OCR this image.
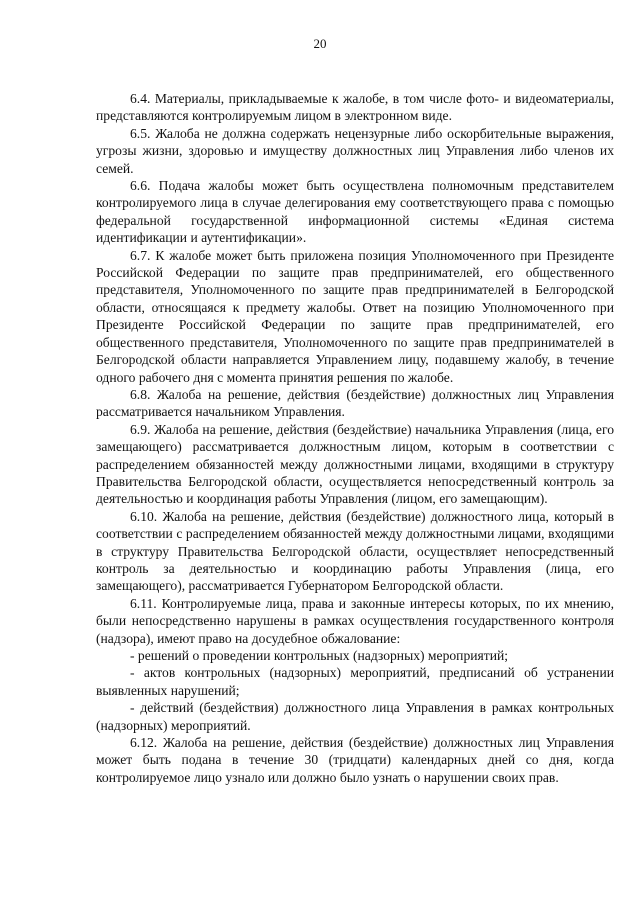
20

6.4. Материалы, прикладываемые к жалобе, в том числе фото- и видеоматериалы, представляются контролируемым лицом в электронном виде.

6.5. Жалоба не должна содержать нецензурные либо оскорбительные выражения, угрозы жизни, здоровью и имуществу должностных лиц Управления либо членов их семей.

6.6. Подача жалобы может быть осуществлена полномочным представителем контролируемого лица в случае делегирования ему соответствующего права с помощью федеральной государственной информационной системы «Единая система идентификации и аутентификации».

6.7. К жалобе может быть приложена позиция Уполномоченного при Президенте Российской Федерации по защите прав предпринимателей, его общественного представителя, Уполномоченного по защите прав предпринимателей в Белгородской области, относящаяся к предмету жалобы. Ответ на позицию Уполномоченного при Президенте Российской Федерации по защите прав предпринимателей, его общественного представителя, Уполномоченного по защите прав предпринимателей в Белгородской области направляется Управлением лицу, подавшему жалобу, в течение одного рабочего дня с момента принятия решения по жалобе.

6.8. Жалоба на решение, действия (бездействие) должностных лиц Управления рассматривается начальником Управления.

6.9. Жалоба на решение, действия (бездействие) начальника Управления (лица, его замещающего) рассматривается должностным лицом, которым в соответствии с распределением обязанностей между должностными лицами, входящими в структуру Правительства Белгородской области, осуществляется непосредственный контроль за деятельностью и координация работы Управления (лицом, его замещающим).

6.10. Жалоба на решение, действия (бездействие) должностного лица, который в соответствии с распределением обязанностей между должностными лицами, входящими в структуру Правительства Белгородской области, осуществляет непосредственный контроль за деятельностью и координацию работы Управления (лица, его замещающего), рассматривается Губернатором Белгородской области.

6.11. Контролируемые лица, права и законные интересы которых, по их мнению, были непосредственно нарушены в рамках осуществления государственного контроля (надзора), имеют право на досудебное обжалование:

- решений о проведении контрольных (надзорных) мероприятий;

- актов контрольных (надзорных) мероприятий, предписаний об устранении выявленных нарушений;

- действий (бездействия) должностного лица Управления в рамках контрольных (надзорных) мероприятий.

6.12. Жалоба на решение, действия (бездействие) должностных лиц Управления может быть подана в течение 30 (тридцати) календарных дней со дня, когда контролируемое лицо узнало или должно было узнать о нарушении своих прав.
